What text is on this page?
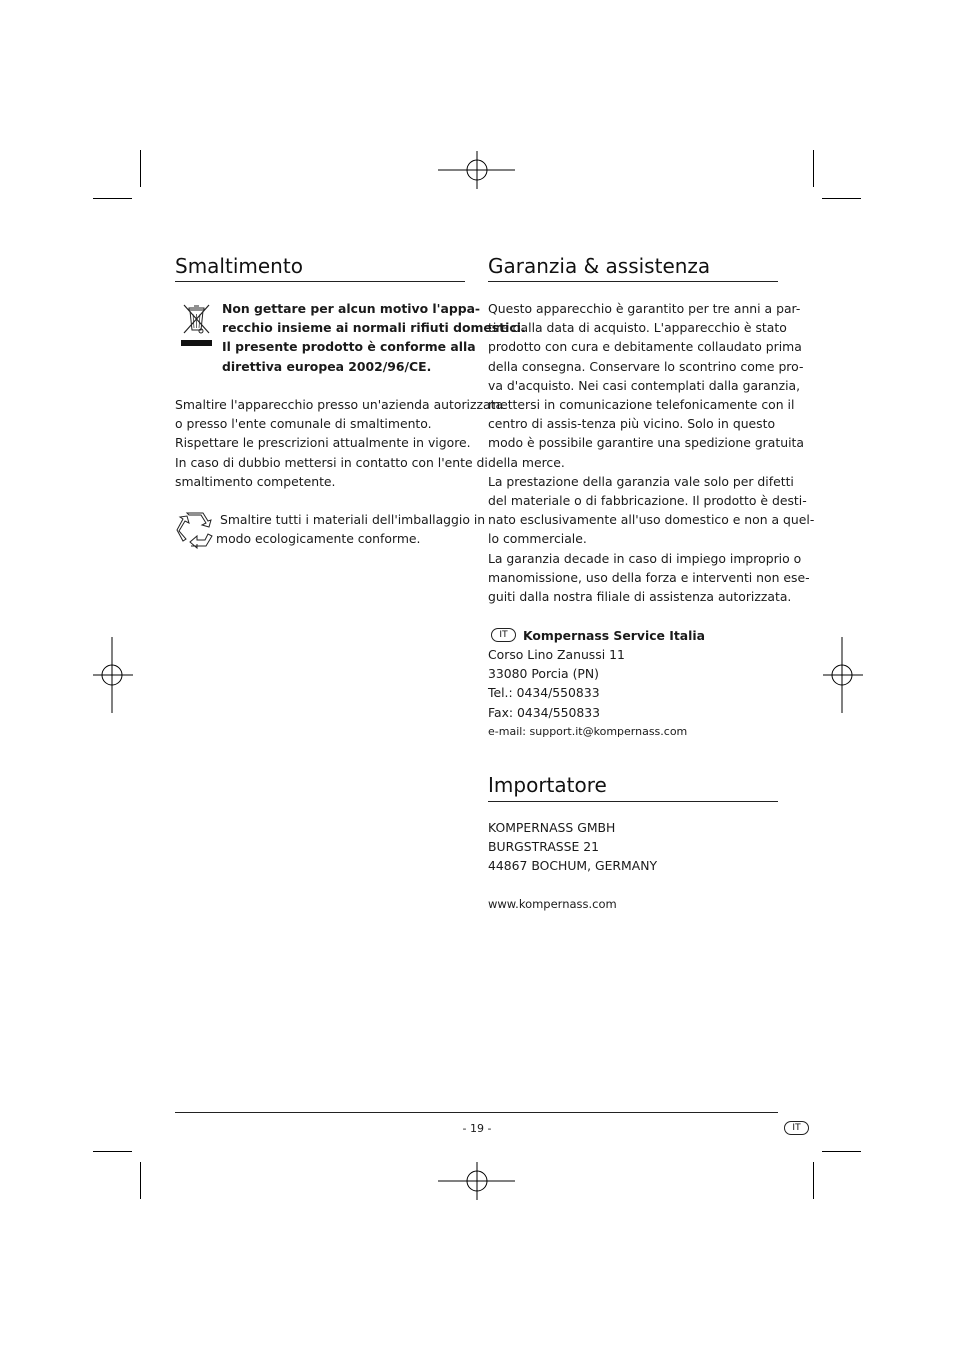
Smaltimento
Non gettare per alcun motivo l'appa-
recchio insieme ai normali rifiuti domestici.
Il presente prodotto è conforme alla
direttiva europea 2002/96/CE.
Smaltire l'apparecchio presso un'azienda autorizzata
o presso l'ente comunale di smaltimento.
Rispettare le prescrizioni attualmente in vigore.
In caso di dubbio mettersi in contatto con l'ente di
smaltimento competente.
Smaltire tutti i materiali dell'imballaggio in
modo ecologicamente conforme.
Garanzia & assistenza
Questo apparecchio è garantito per tre anni a par-
tire dalla data di acquisto. L'apparecchio è stato
prodotto con cura e debitamente collaudato prima
della consegna. Conservare lo scontrino come pro-
va d'acquisto. Nei casi contemplati dalla garanzia,
mettersi in comunicazione telefonicamente con il
centro di assis-tenza più vicino. Solo in questo
modo è possibile garantire una spedizione gratuita
della merce.
La prestazione della garanzia vale solo per difetti
del materiale o di fabbricazione. Il prodotto è desti-
nato esclusivamente all'uso domestico e non a quel-
lo commerciale.
La garanzia decade in caso di impiego improprio o
manomissione, uso della forza e interventi non ese-
guiti dalla nostra filiale di assistenza autorizzata.
IT	Kompernass Service Italia
Corso Lino Zanussi 11
33080 Porcia (PN)
Tel.: 0434/550833
Fax: 0434/550833
e-mail: support.it@kompernass.com
Importatore
KOMPERNASS GMBH
BURGSTRASSE 21
44867 BOCHUM, GERMANY
www.kompernass.com
- 19 -	IT
